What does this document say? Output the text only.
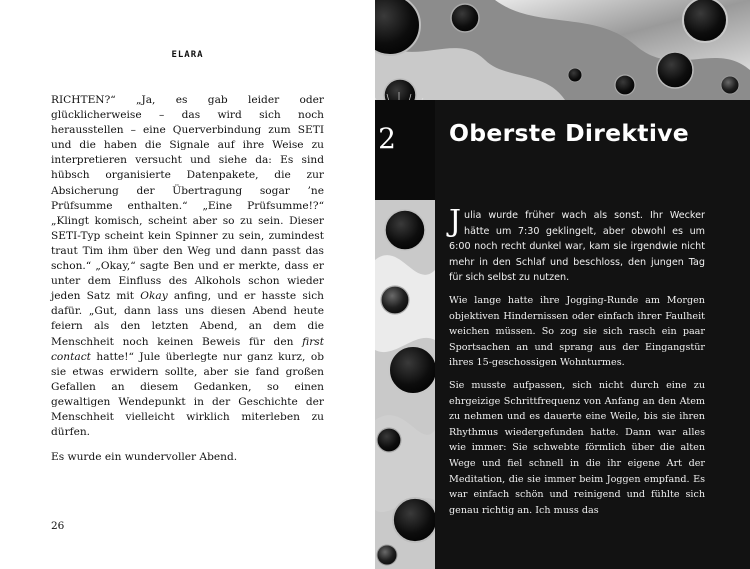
ELARA

RICHTEN?“ „Ja, es gab leider oder glücklicherweise – das wird sich noch herausstellen – eine Querverbindung zum SETI und die haben die Signale auf ihre Weise zu interpretieren versucht und siehe da: Es sind hübsch organisierte Datenpakete, die zur Absicherung der Übertragung sogar ’ne Prüfsumme enthalten.“ „Eine Prüfsumme!?“ „Klingt komisch, scheint aber so zu sein. Dieser SETI-Typ scheint kein Spinner zu sein, zumindest traut Tim ihm über den Weg und dann passt das schon.“ „Okay,“ sagte Ben und er merkte, dass er unter dem Einfluss des Alkohols schon wieder jeden Satz mit Okay anfing, und er hasste sich dafür. „Gut, dann lass uns diesen Abend heute feiern als den letzten Abend, an dem die Menschheit noch keinen Beweis für den first contact hatte!“ Jule überlegte nur ganz kurz, ob sie etwas erwidern sollte, aber sie fand großen Gefallen an diesem Gedanken, so einen gewaltigen Wendepunkt in der Geschichte der Menschheit vielleicht wirklich miterleben zu dürfen.

Es wurde ein wundervoller Abend.

26
2 Oberste Direktive

Julia wurde früher wach als sonst. Ihr Wecker hätte um 7:30 geklingelt, aber obwohl es um 6:00 noch recht dunkel war, kam sie irgendwie nicht mehr in den Schlaf und beschloss, den jungen Tag für sich selbst zu nutzen.

Wie lange hatte ihre Jogging-Runde am Morgen objektiven Hindernissen oder einfach ihrer Faulheit weichen müssen. So zog sie sich rasch ein paar Sportsachen an und sprang aus der Eingangstür ihres 15-geschossigen Wohnturmes.

Sie musste aufpassen, sich nicht durch eine zu ehrgeizige Schrittfrequenz von Anfang an den Atem zu nehmen und es dauerte eine Weile, bis sie ihren Rhythmus wiedergefunden hatte. Dann war alles wie immer: Sie schwebte förmlich über die alten Wege und fiel schnell in die ihr eigene Art der Meditation, die sie immer beim Joggen empfand. Es war einfach schön und reinigend und fühlte sich genau richtig an. Ich muss das
